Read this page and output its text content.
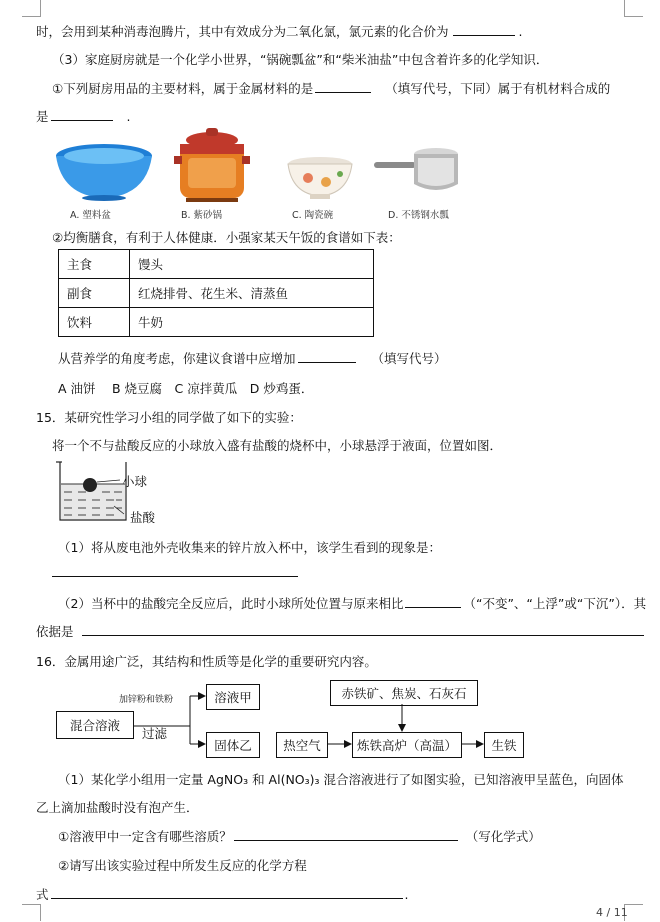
时，会用到某种消毒泡腾片，其中有效成分为二氧化氯，氯元素的化合价为	.
（3）家庭厨房就是一个化学小世界，“锅碗瓢盆”和“柴米油盐”中包含着许多的化学知识．
①下列厨房用品的主要材料，属于金属材料的是	（填写代号，下同）属于有机材料合成的
是	.
A. 塑料盆	B. 紫砂锅	C. 陶瓷碗	D. 不锈钢水瓢
②均衡膳食，有利于人体健康．小强家某天午饭的食谱如下表：
主食	馒头
副食	红烧排骨、花生米、清蒸鱼
饮料	牛奶
从营养学的角度考虑，你建议食谱中应增加	（填写代号）
A 油饼　 B 烧豆腐　C 凉拌黄瓜　D 炒鸡蛋．
15．某研究性学习小组的同学做了如下的实验：
将一个不与盐酸反应的小球放入盛有盐酸的烧杯中，小球悬浮于液面，位置如图．
小球
盐酸
（1）将从废电池外壳收集来的锌片放入杯中，该学生看到的现象是：
（2）当杯中的盐酸完全反应后，此时小球所处位置与原来相比	（“不变”、“上浮”或“下沉”）．其
依据是
16．金属用途广泛，其结构和性质等是化学的重要研究内容。
混合溶液
加锌粉和铁粉
过滤
溶液甲
固体乙
赤铁矿、焦炭、石灰石
热空气	炼铁高炉（高温）	生铁
（1）某化学小组用一定量 AgNO₃ 和 Al(NO₃)₃ 混合溶液进行了如图实验，已知溶液甲呈蓝色，向固体
乙上滴加盐酸时没有泡产生．
①溶液甲中一定含有哪些溶质？	（写化学式）
②请写出该实验过程中所发生反应的化学方程
式	.
4 / 11
